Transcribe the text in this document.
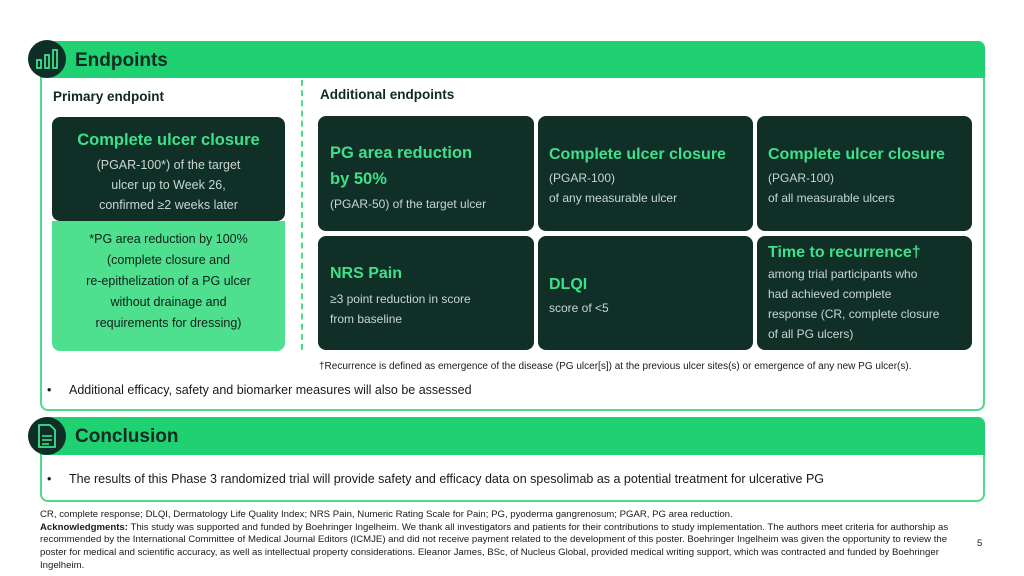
Endpoints
Primary endpoint	Additional endpoints
Complete ulcer closure
(PGAR-100*) of the target
ulcer up to Week 26,
confirmed ≥2 weeks later
*PG area reduction by 100%
(complete closure and
re-epithelization of a PG ulcer
without drainage and
requirements for dressing)
PG area reduction
by 50%
(PGAR-50) of the target ulcer
Complete ulcer closure
(PGAR-100)
of any measurable ulcer
Complete ulcer closure
(PGAR-100)
of all measurable ulcers
NRS Pain
≥3 point reduction in score
from baseline
DLQI
score of <5
Time to recurrence†
among trial participants who
had achieved complete
response (CR, complete closure
of all PG ulcers)
†Recurrence is defined as emergence of the disease (PG ulcer[s]) at the previous ulcer sites(s) or emergence of any new PG ulcer(s).
• Additional efficacy, safety and biomarker measures will also be assessed
Conclusion
• The results of this Phase 3 randomized trial will provide safety and efficacy data on spesolimab as a potential treatment for ulcerative PG
CR, complete response; DLQI, Dermatology Life Quality Index; NRS Pain, Numeric Rating Scale for Pain; PG, pyoderma gangrenosum; PGAR, PG area reduction.
Acknowledgments: This study was supported and funded by Boehringer Ingelheim. We thank all investigators and patients for their contributions to study implementation. The authors meet criteria for authorship as recommended by the International Committee of Medical Journal Editors (ICMJE) and did not receive payment related to the development of this poster. Boehringer Ingelheim was given the opportunity to review the poster for medical and scientific accuracy, as well as intellectual property considerations. Eleanor James, BSc, of Nucleus Global, provided medical writing support, which was contracted and funded by Boehringer Ingelheim.
5
